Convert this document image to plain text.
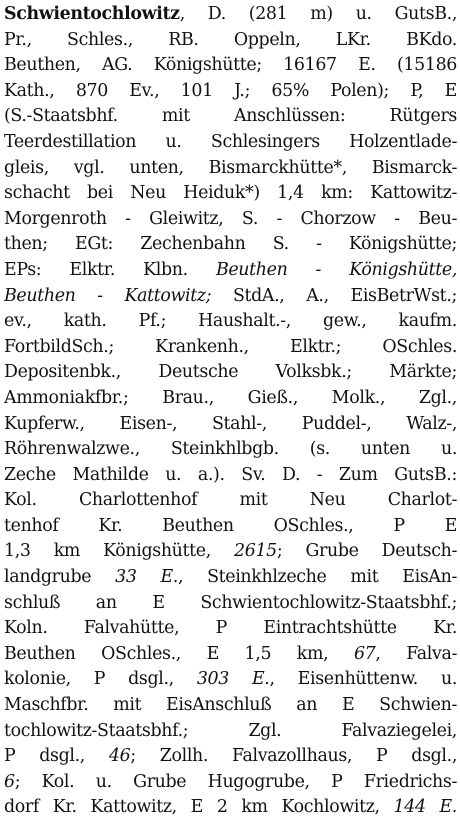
Schwientochlowitz, D. (281 m) u. GutsB.,
Pr., Schles., RB. Oppeln, LKr. BKdo.
Beuthen, AG. Königshütte; 16167 E. (15186
Kath., 870 Ev., 101 J.; 65% Polen); P, E
(S.-Staatsbhf. mit Anschlüssen: Rütgers
Teerdestillation u. Schlesingers Holzentlade-
gleis, vgl. unten, Bismarckhütte*, Bismarck-
schacht bei Neu Heiduk*) 1,4 km: Kattowitz-
Morgenroth - Gleiwitz, S. - Chorzow - Beu-
then; EGt: Zechenbahn S. - Königshütte;
EPs: Elktr. Klbn. Beuthen - Königshütte,
Beuthen - Kattowitz; StdA., A., EisBetrWst.;
ev., kath. Pf.; Haushalt.-, gew., kaufm.
FortbildSch.; Krankenh., Elktr.; OSchles.
Depositenbk., Deutsche Volksbk.; Märkte;
Ammoniakfbr.; Brau., Gieß., Molk., Zgl.,
Kupferw., Eisen-, Stahl-, Puddel-, Walz-,
Röhrenwalzwe., Steinkhlbgb. (s. unten u.
Zeche Mathilde u. a.). Sv. D. - Zum GutsB.:
Kol. Charlottenhof mit Neu Charlot-
tenhof Kr. Beuthen OSchles., P E
1,3 km Königshütte, 2615; Grube Deutsch-
landgrube 33 E., Steinkhlzeche mit EisAn-
schluß an E Schwientochlowitz-Staatsbhf.;
Koln. Falvahütte, P Eintrachtshütte Kr.
Beuthen OSchles., E 1,5 km, 67, Falva-
kolonie, P dsgl., 303 E., Eisenhüttenw. u.
Maschfbr. mit EisAnschluß an E Schwien-
tochlowitz-Staatsbhf.; Zgl. Falvaziegelei,
P dsgl., 46; Zollh. Falvazollhaus, P dsgl.,
6; Kol. u. Grube Hugogrube, P Friedrichs-
dorf Kr. Kattowitz, E 2 km Kochlowitz, 144 E.
